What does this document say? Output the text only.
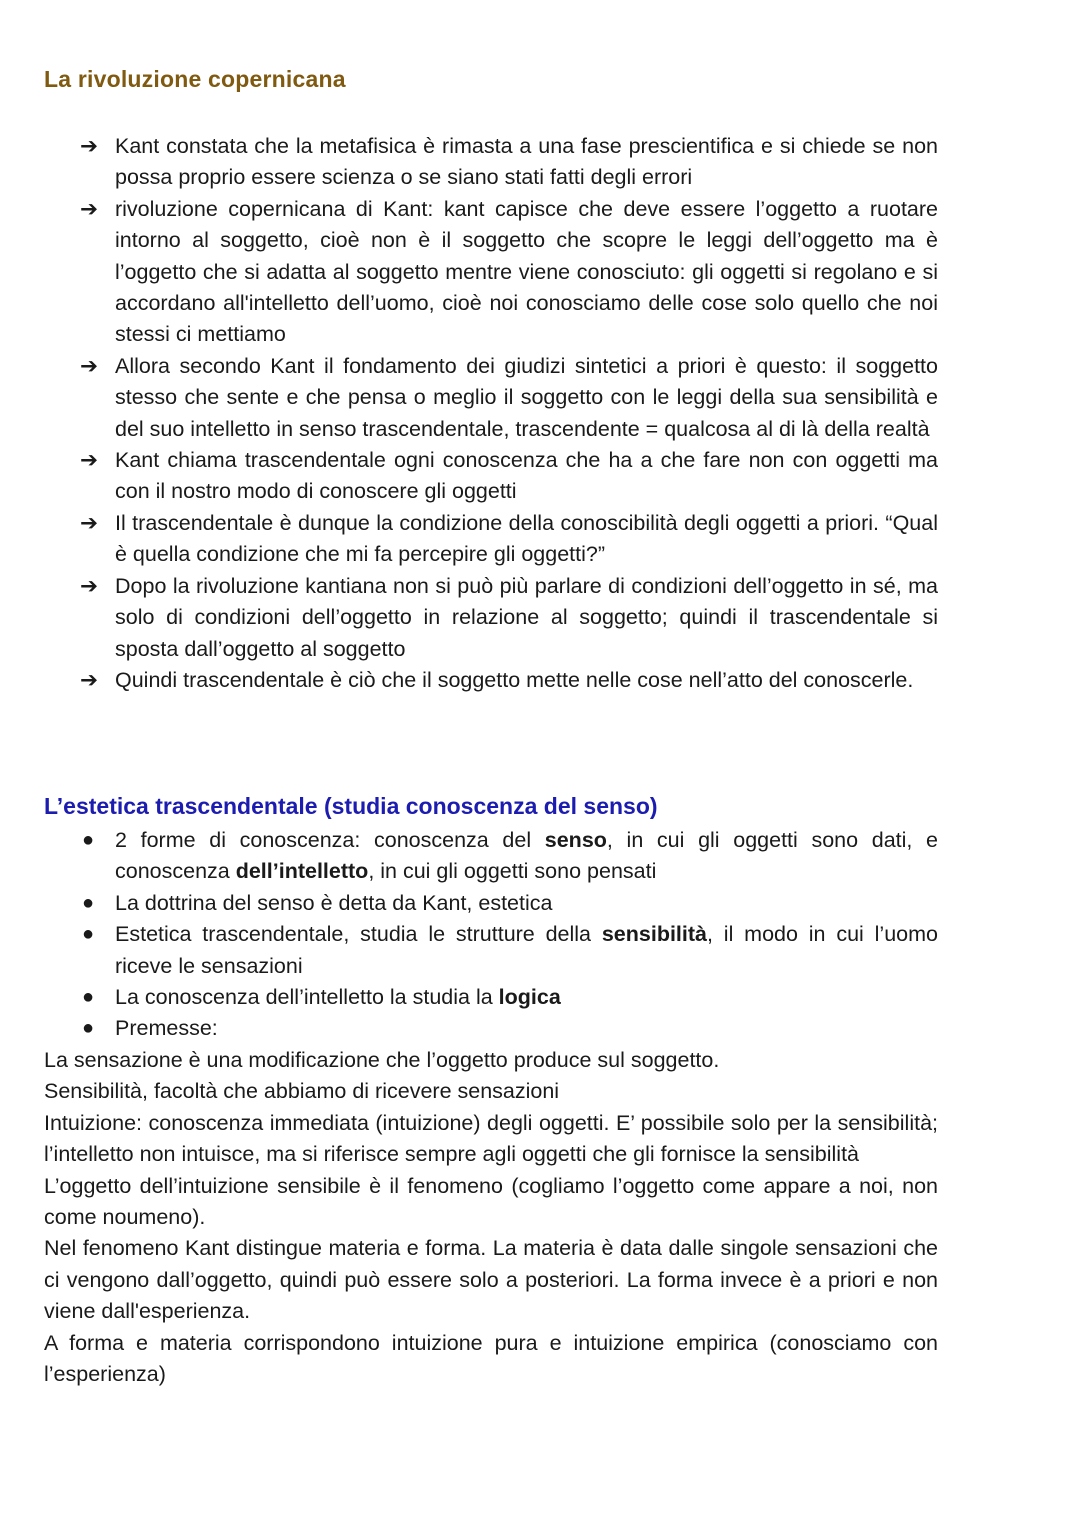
La rivoluzione copernicana
➔ Kant constata che la metafisica è rimasta a una fase prescientifica e si chiede se non possa proprio essere scienza o se siano stati fatti degli errori
➔ rivoluzione copernicana di Kant: kant capisce che deve essere l’oggetto a ruotare intorno al soggetto, cioè non è il soggetto che scopre le leggi dell’oggetto ma è l’oggetto che si adatta al soggetto mentre viene conosciuto: gli oggetti si regolano e si accordano all'intelletto dell’uomo, cioè noi conosciamo delle cose solo quello che noi stessi ci mettiamo
➔ Allora secondo Kant il fondamento dei giudizi sintetici a priori è questo: il soggetto stesso che sente e che pensa o meglio il soggetto con le leggi della sua sensibilità e del suo intelletto in senso trascendentale, trascendente = qualcosa al di là della realtà
➔ Kant chiama trascendentale ogni conoscenza che ha a che fare non con oggetti ma con il nostro modo di conoscere gli oggetti
➔ Il trascendentale è dunque la condizione della conoscibilità degli oggetti a priori. “Qual è quella condizione che mi fa percepire gli oggetti?”
➔ Dopo la rivoluzione kantiana non si può più parlare di condizioni dell’oggetto in sé, ma solo di condizioni dell’oggetto in relazione al soggetto; quindi il trascendentale si sposta dall’oggetto al soggetto
➔ Quindi trascendentale è ciò che il soggetto mette nelle cose nell’atto del conoscerle.
L’estetica trascendentale (studia conoscenza del senso)
● 2 forme di conoscenza: conoscenza del senso, in cui gli oggetti sono dati, e conoscenza dell’intelletto, in cui gli oggetti sono pensati
● La dottrina del senso è detta da Kant, estetica
● Estetica trascendentale, studia le strutture della sensibilità, il modo in cui l’uomo riceve le sensazioni
● La conoscenza dell’intelletto la studia la logica
● Premesse:

La sensazione è una modificazione che l’oggetto produce sul soggetto.

Sensibilità, facoltà che abbiamo di ricevere sensazioni

Intuizione: conoscenza immediata (intuizione) degli oggetti. E’ possibile solo per la sensibilità; l’intelletto non intuisce, ma si riferisce sempre agli oggetti che gli fornisce la sensibilità

L’oggetto dell’intuizione sensibile è il fenomeno (cogliamo l’oggetto come appare a noi, non come noumeno).

Nel fenomeno Kant distingue materia e forma. La materia è data dalle singole sensazioni che ci vengono dall’oggetto, quindi può essere solo a posteriori. La forma invece è a priori e non viene dall'esperienza.

A forma e materia corrispondono intuizione pura e intuizione empirica (conosciamo con l’esperienza)
